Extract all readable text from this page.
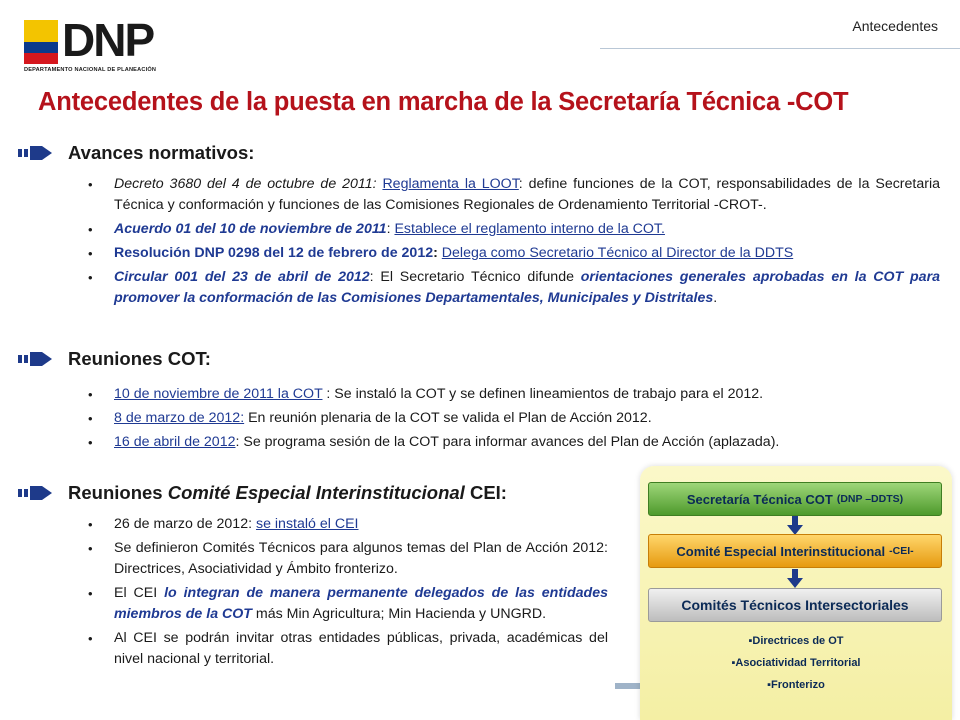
DNP
DEPARTAMENTO NACIONAL DE PLANEACIÓN
Antecedentes
Antecedentes de la puesta en marcha de la Secretaría Técnica -COT
Avances normativos:
• Decreto 3680 del 4 de octubre de 2011: Reglamenta la LOOT: define funciones de la COT, responsabilidades de la Secretaria Técnica y conformación y funciones de las Comisiones Regionales de Ordenamiento Territorial -CROT-.
• Acuerdo 01 del 10 de noviembre de 2011: Establece el reglamento interno de la COT.
• Resolución DNP 0298 del 12 de febrero de 2012: Delega como Secretario Técnico al Director de la DDTS
• Circular 001 del 23 de abril de 2012: El Secretario Técnico difunde orientaciones generales aprobadas en la COT para promover la conformación de las Comisiones Departamentales, Municipales y Distritales.
Reuniones COT:
• 10 de noviembre de 2011 la COT : Se instaló la COT y se definen lineamientos de trabajo para el 2012.
• 8 de marzo de 2012: En reunión plenaria de la COT se valida el Plan de Acción 2012.
• 16 de abril de 2012: Se programa sesión de la COT para informar avances del Plan de Acción (aplazada).
Reuniones Comité Especial Interinstitucional CEI:
• 26 de marzo de 2012: se instaló el CEI
• Se definieron Comités Técnicos para algunos temas del Plan de Acción 2012: Directrices, Asociatividad y Ámbito fronterizo.
• El CEI lo integran de manera permanente delegados de las entidades miembros de la COT más Min Agricultura; Min Hacienda y UNGRD.
• Al CEI se podrán invitar otras entidades públicas, privada, académicas del nivel nacional y territorial.
Secretaría Técnica COT (DNP –DDTS)
Comité Especial Interinstitucional -CEI-
Comités Técnicos Intersectoriales
▪Directrices de OT
▪Asociatividad Territorial
▪Fronterizo
